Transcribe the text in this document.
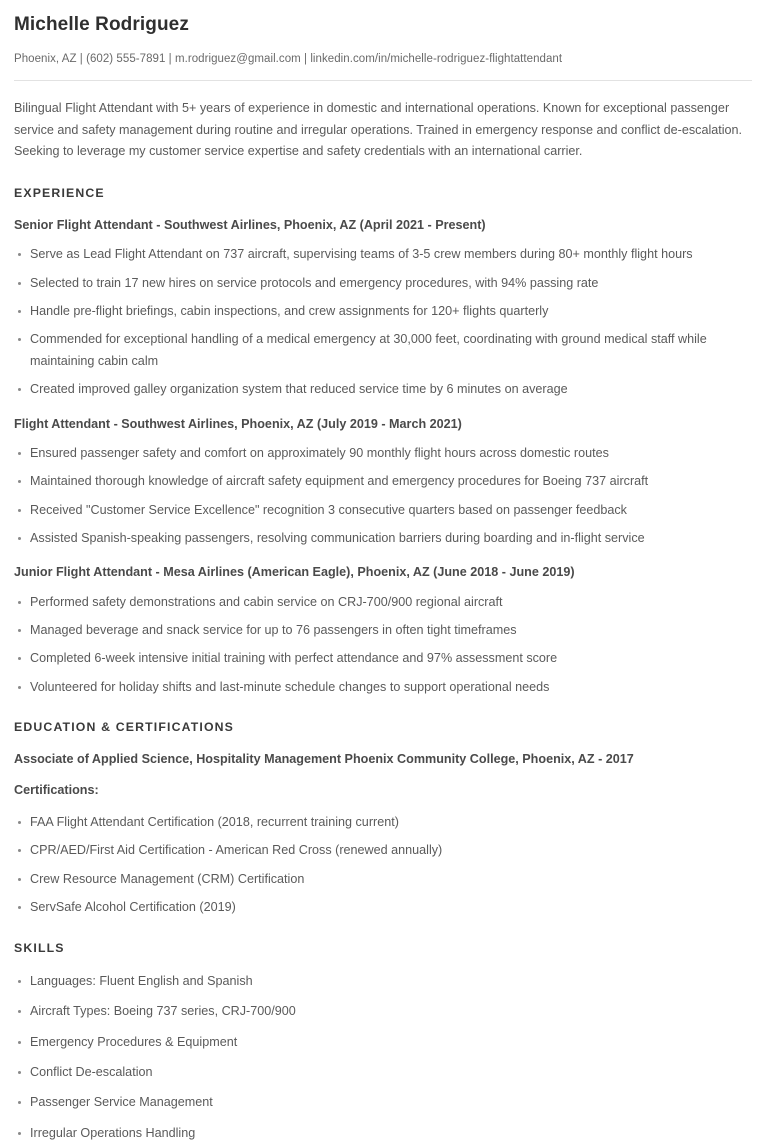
Michelle Rodriguez
Phoenix, AZ | (602) 555-7891 | m.rodriguez@gmail.com | linkedin.com/in/michelle-rodriguez-flightattendant

Bilingual Flight Attendant with 5+ years of experience in domestic and international operations. Known for exceptional passenger service and safety management during routine and irregular operations. Trained in emergency response and conflict de-escalation. Seeking to leverage my customer service expertise and safety credentials with an international carrier.

EXPERIENCE
Senior Flight Attendant - Southwest Airlines, Phoenix, AZ (April 2021 - Present)
Serve as Lead Flight Attendant on 737 aircraft, supervising teams of 3-5 crew members during 80+ monthly flight hours
Selected to train 17 new hires on service protocols and emergency procedures, with 94% passing rate
Handle pre-flight briefings, cabin inspections, and crew assignments for 120+ flights quarterly
Commended for exceptional handling of a medical emergency at 30,000 feet, coordinating with ground medical staff while maintaining cabin calm
Created improved galley organization system that reduced service time by 6 minutes on average
Flight Attendant - Southwest Airlines, Phoenix, AZ (July 2019 - March 2021)
Ensured passenger safety and comfort on approximately 90 monthly flight hours across domestic routes
Maintained thorough knowledge of aircraft safety equipment and emergency procedures for Boeing 737 aircraft
Received "Customer Service Excellence" recognition 3 consecutive quarters based on passenger feedback
Assisted Spanish-speaking passengers, resolving communication barriers during boarding and in-flight service
Junior Flight Attendant - Mesa Airlines (American Eagle), Phoenix, AZ (June 2018 - June 2019)
Performed safety demonstrations and cabin service on CRJ-700/900 regional aircraft
Managed beverage and snack service for up to 76 passengers in often tight timeframes
Completed 6-week intensive initial training with perfect attendance and 97% assessment score
Volunteered for holiday shifts and last-minute schedule changes to support operational needs
EDUCATION & CERTIFICATIONS
Associate of Applied Science, Hospitality Management Phoenix Community College, Phoenix, AZ - 2017
Certifications:
FAA Flight Attendant Certification (2018, recurrent training current)
CPR/AED/First Aid Certification - American Red Cross (renewed annually)
Crew Resource Management (CRM) Certification
ServSafe Alcohol Certification (2019)
SKILLS
Languages: Fluent English and Spanish
Aircraft Types: Boeing 737 series, CRJ-700/900
Emergency Procedures & Equipment
Conflict De-escalation
Passenger Service Management
Irregular Operations Handling
